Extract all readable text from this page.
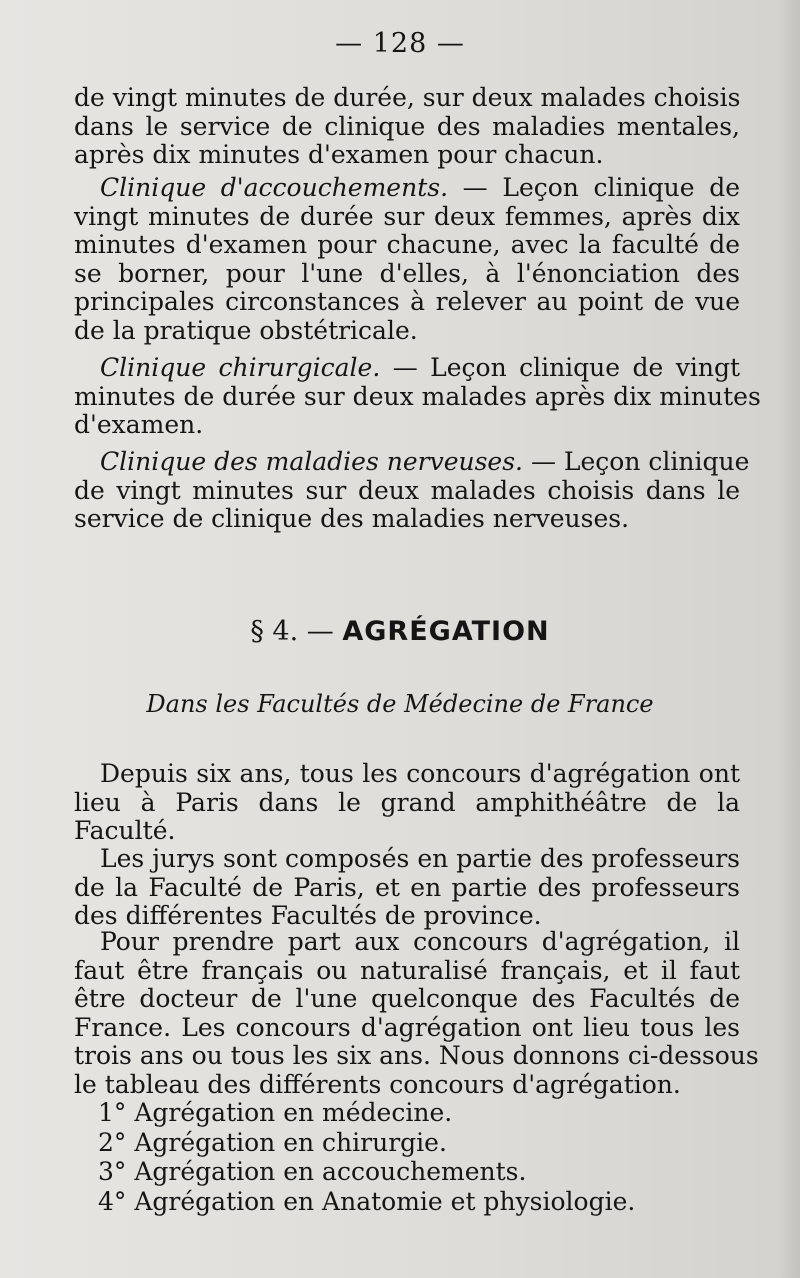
— 128 —
de vingt minutes de durée, sur deux malades choisis
dans le service de clinique des maladies mentales,
après dix minutes d'examen pour chacun.
Clinique d'accouchements. — Leçon clinique de
vingt minutes de durée sur deux femmes, après dix
minutes d'examen pour chacune, avec la faculté de
se borner, pour l'une d'elles, à l'énonciation des
principales circonstances à relever au point de vue
de la pratique obstétricale.
Clinique chirurgicale. — Leçon clinique de vingt
minutes de durée sur deux malades après dix minutes
d'examen.
Clinique des maladies nerveuses. — Leçon clinique
de vingt minutes sur deux malades choisis dans le
service de clinique des maladies nerveuses.
§ 4. — AGRÉGATION
Dans les Facultés de Médecine de France
Depuis six ans, tous les concours d'agrégation ont
lieu à Paris dans le grand amphithéâtre de la
Faculté.
Les jurys sont composés en partie des professeurs
de la Faculté de Paris, et en partie des professeurs
des différentes Facultés de province.
Pour prendre part aux concours d'agrégation, il
faut être français ou naturalisé français, et il faut
être docteur de l'une quelconque des Facultés de
France. Les concours d'agrégation ont lieu tous les
trois ans ou tous les six ans. Nous donnons ci-dessous
le tableau des différents concours d'agrégation.
1° Agrégation en médecine.
2° Agrégation en chirurgie.
3° Agrégation en accouchements.
4° Agrégation en Anatomie et physiologie.
